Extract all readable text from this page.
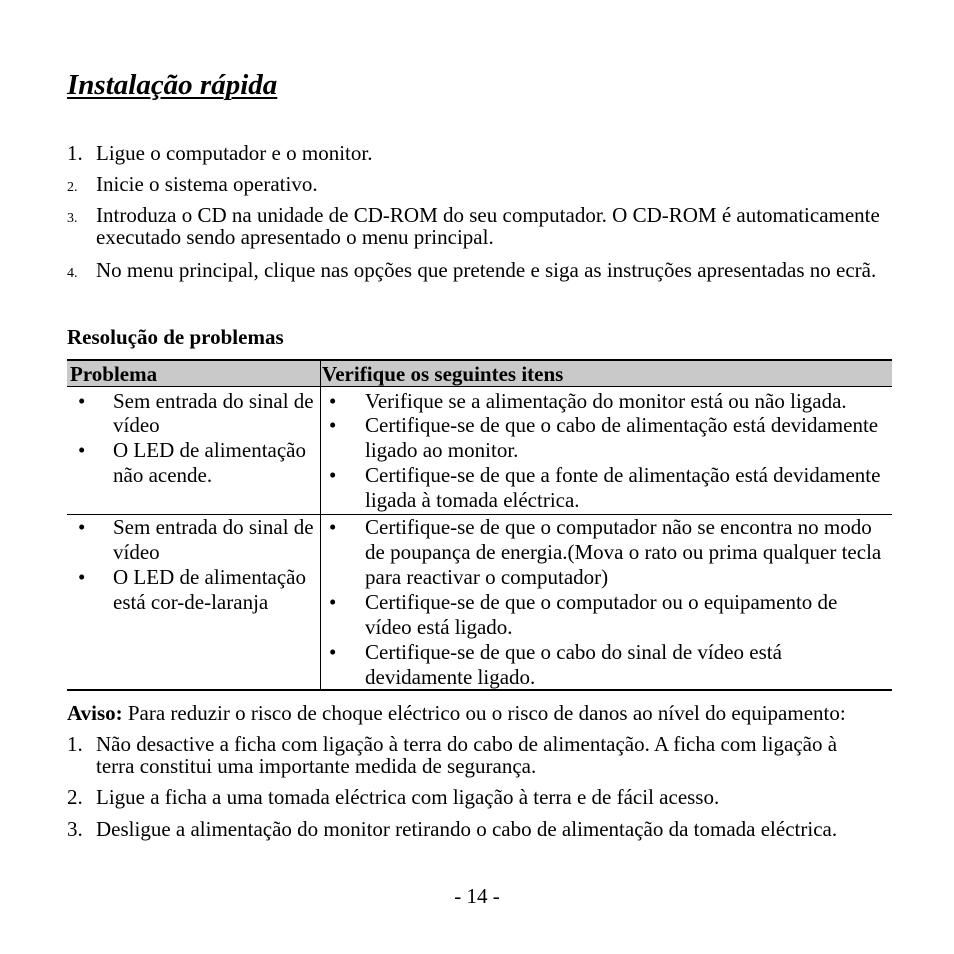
Instalação rápida
1. Ligue o computador e o monitor.
2. Inicie o sistema operativo.
3. Introduza o CD na unidade de CD-ROM do seu computador. O CD-ROM é automaticamente
executado sendo apresentado o menu principal.
4. No menu principal, clique nas opções que pretende e siga as instruções apresentadas no ecrã.
Resolução de problemas
Problema	Verifique os seguintes itens
•
Sem entrada do sinal de
vídeo
•
O LED de alimentação
não acende.
•
Verifique se a alimentação do monitor está ou não ligada.
•
Certifique-se de que o cabo de alimentação está devidamente
ligado ao monitor.
•
Certifique-se de que a fonte de alimentação está devidamente
ligada à tomada eléctrica.
•
Sem entrada do sinal de
vídeo
•
O LED de alimentação
está cor-de-laranja
•
Certifique-se de que o computador não se encontra no modo
de poupança de energia.(Mova o rato ou prima qualquer tecla
para reactivar o computador)
•
Certifique-se de que o computador ou o equipamento de
vídeo está ligado.
•
Certifique-se de que o cabo do sinal de vídeo está
devidamente ligado.
Aviso: Para reduzir o risco de choque eléctrico ou o risco de danos ao nível do equipamento:
1. Não desactive a ficha com ligação à terra do cabo de alimentação. A ficha com ligação à
terra constitui uma importante medida de segurança.
2. Ligue a ficha a uma tomada eléctrica com ligação à terra e de fácil acesso.
3. Desligue a alimentação do monitor retirando o cabo de alimentação da tomada eléctrica.
- 14 -
